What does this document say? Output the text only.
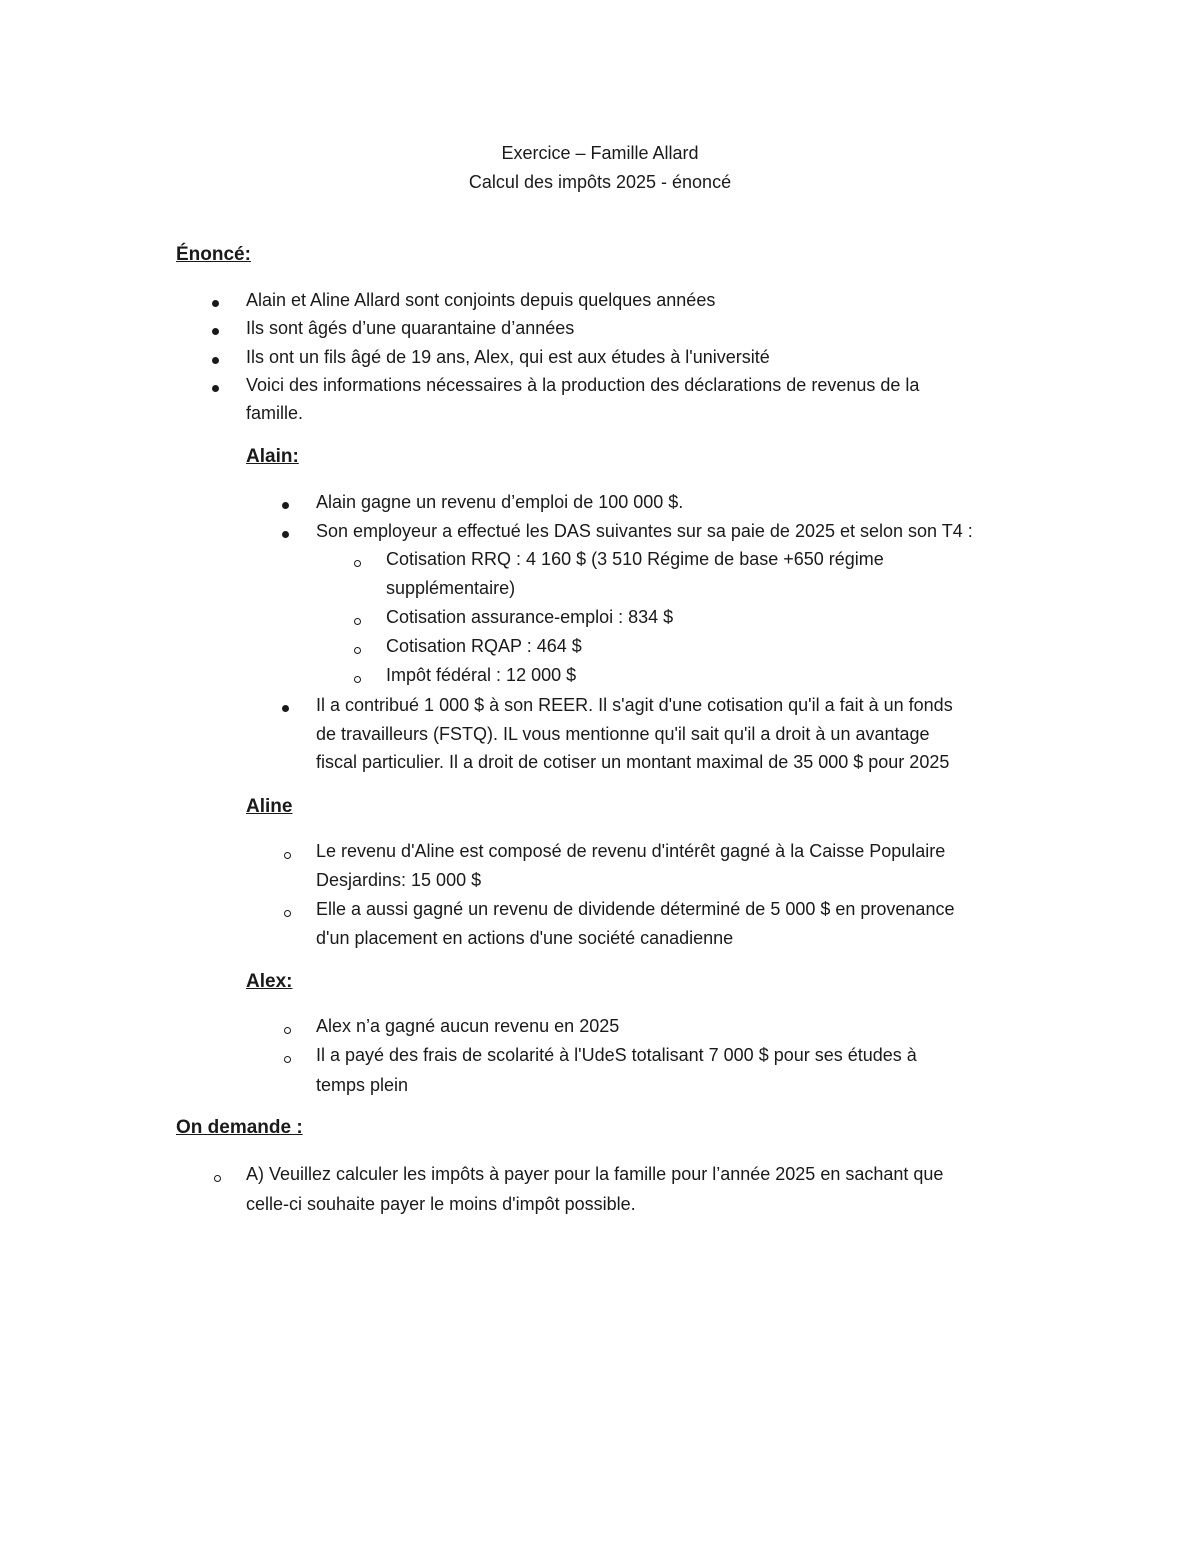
Exercice – Famille Allard
Calcul des impôts 2025 - énoncé
Énoncé:
Alain et Aline Allard sont conjoints depuis quelques années
Ils sont âgés d’une quarantaine d’années
Ils ont un fils âgé de 19 ans, Alex, qui est aux études à l'université
Voici des informations nécessaires à la production des déclarations de revenus de la
famille.
Alain:
Alain gagne un revenu d’emploi de 100 000 $.
Son employeur a effectué les DAS suivantes sur sa paie de 2025 et selon son T4 :
Cotisation RRQ : 4 160 $ (3 510 Régime de base +650 régime
supplémentaire)
Cotisation assurance-emploi : 834 $
Cotisation RQAP : 464 $
Impôt fédéral : 12 000 $
Il a contribué 1 000 $ à son REER. Il s'agit d'une cotisation qu'il a fait à un fonds
de travailleurs (FSTQ). IL vous mentionne qu'il sait qu'il a droit à un avantage
fiscal particulier. Il a droit de cotiser un montant maximal de 35 000 $ pour 2025
Aline
Le revenu d'Aline est composé de revenu d'intérêt gagné à la Caisse Populaire
Desjardins: 15 000 $
Elle a aussi gagné un revenu de dividende déterminé de 5 000 $ en provenance
d'un placement en actions d'une société canadienne
Alex:
Alex n’a gagné aucun revenu en 2025
Il a payé des frais de scolarité à l'UdeS totalisant 7 000 $ pour ses études à
temps plein
On demande :
A) Veuillez calculer les impôts à payer pour la famille pour l’année 2025 en sachant que
celle-ci souhaite payer le moins d'impôt possible.
